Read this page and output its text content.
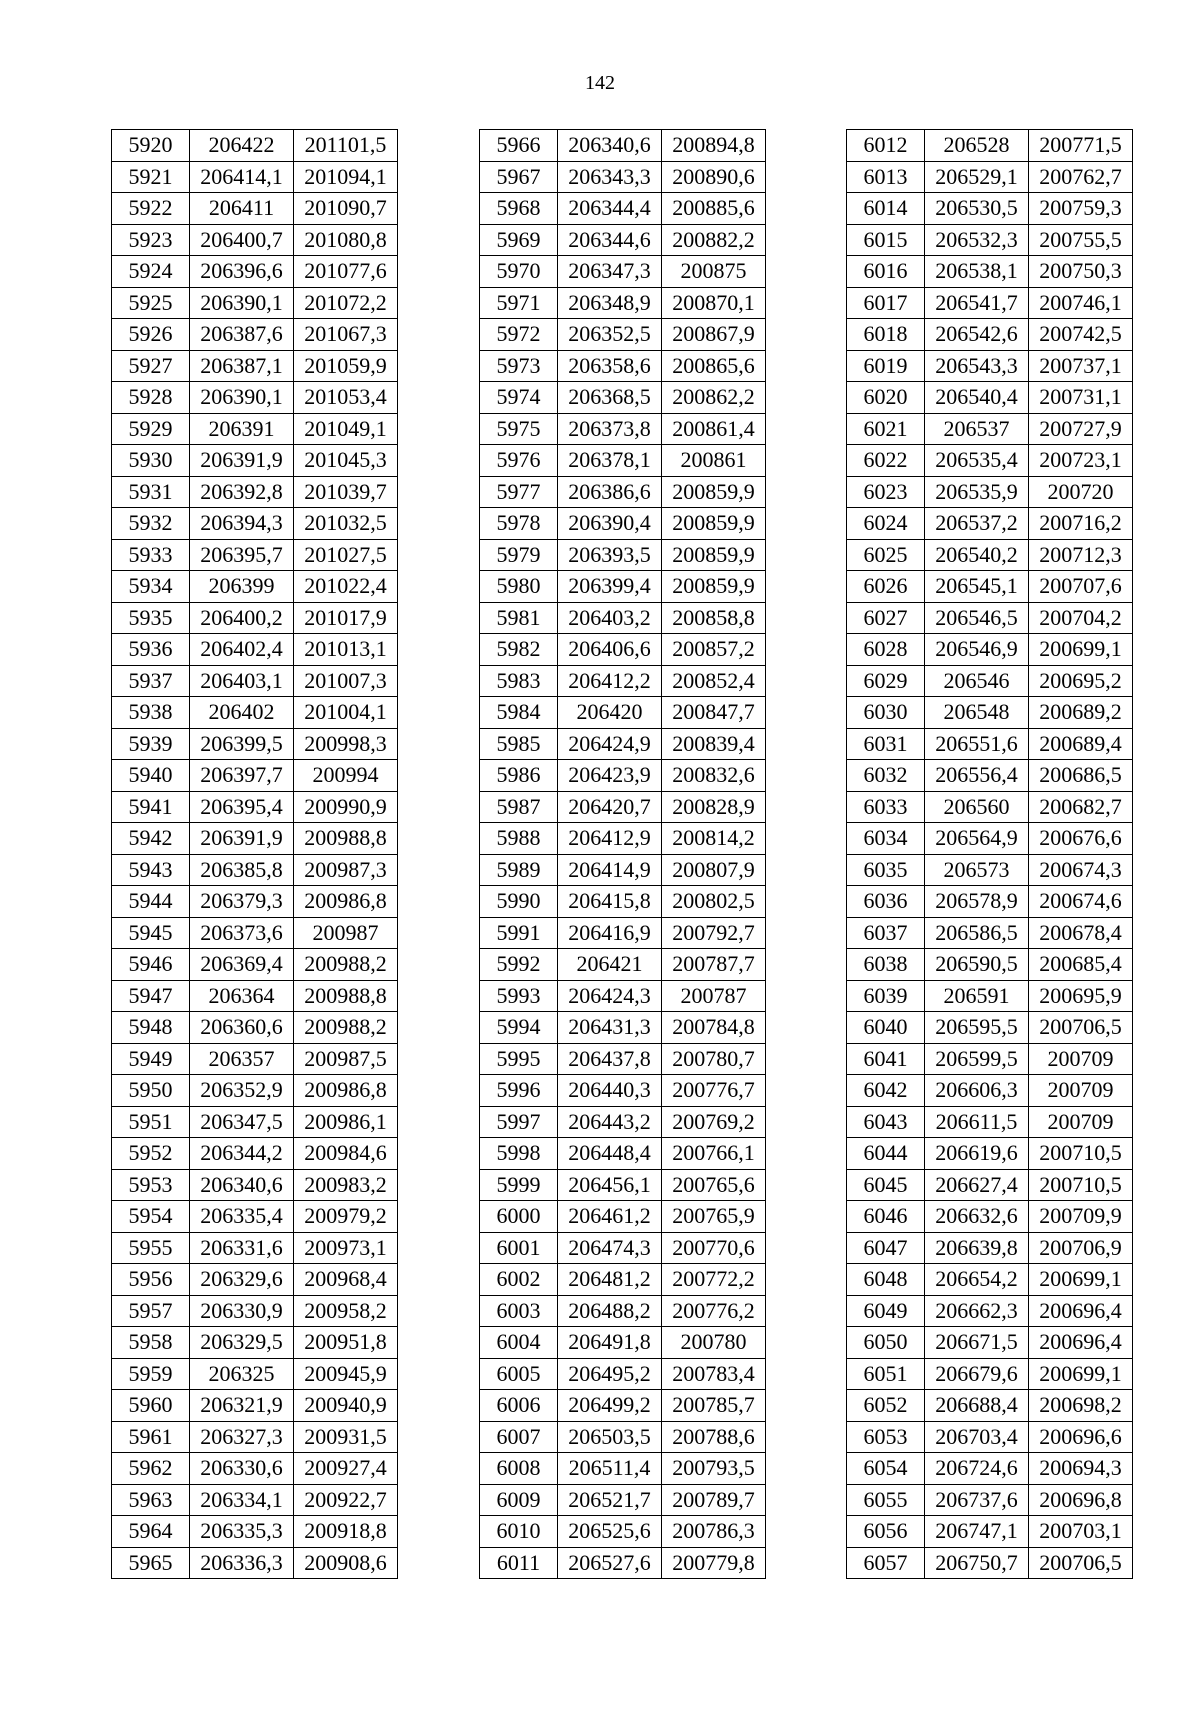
142
5920	206422	201101,5
5921	206414,1	201094,1
5922	206411	201090,7
5923	206400,7	201080,8
5924	206396,6	201077,6
5925	206390,1	201072,2
5926	206387,6	201067,3
5927	206387,1	201059,9
5928	206390,1	201053,4
5929	206391	201049,1
5930	206391,9	201045,3
5931	206392,8	201039,7
5932	206394,3	201032,5
5933	206395,7	201027,5
5934	206399	201022,4
5935	206400,2	201017,9
5936	206402,4	201013,1
5937	206403,1	201007,3
5938	206402	201004,1
5939	206399,5	200998,3
5940	206397,7	200994
5941	206395,4	200990,9
5942	206391,9	200988,8
5943	206385,8	200987,3
5944	206379,3	200986,8
5945	206373,6	200987
5946	206369,4	200988,2
5947	206364	200988,8
5948	206360,6	200988,2
5949	206357	200987,5
5950	206352,9	200986,8
5951	206347,5	200986,1
5952	206344,2	200984,6
5953	206340,6	200983,2
5954	206335,4	200979,2
5955	206331,6	200973,1
5956	206329,6	200968,4
5957	206330,9	200958,2
5958	206329,5	200951,8
5959	206325	200945,9
5960	206321,9	200940,9
5961	206327,3	200931,5
5962	206330,6	200927,4
5963	206334,1	200922,7
5964	206335,3	200918,8
5965	206336,3	200908,6
5966	206340,6	200894,8
5967	206343,3	200890,6
5968	206344,4	200885,6
5969	206344,6	200882,2
5970	206347,3	200875
5971	206348,9	200870,1
5972	206352,5	200867,9
5973	206358,6	200865,6
5974	206368,5	200862,2
5975	206373,8	200861,4
5976	206378,1	200861
5977	206386,6	200859,9
5978	206390,4	200859,9
5979	206393,5	200859,9
5980	206399,4	200859,9
5981	206403,2	200858,8
5982	206406,6	200857,2
5983	206412,2	200852,4
5984	206420	200847,7
5985	206424,9	200839,4
5986	206423,9	200832,6
5987	206420,7	200828,9
5988	206412,9	200814,2
5989	206414,9	200807,9
5990	206415,8	200802,5
5991	206416,9	200792,7
5992	206421	200787,7
5993	206424,3	200787
5994	206431,3	200784,8
5995	206437,8	200780,7
5996	206440,3	200776,7
5997	206443,2	200769,2
5998	206448,4	200766,1
5999	206456,1	200765,6
6000	206461,2	200765,9
6001	206474,3	200770,6
6002	206481,2	200772,2
6003	206488,2	200776,2
6004	206491,8	200780
6005	206495,2	200783,4
6006	206499,2	200785,7
6007	206503,5	200788,6
6008	206511,4	200793,5
6009	206521,7	200789,7
6010	206525,6	200786,3
6011	206527,6	200779,8
6012	206528	200771,5
6013	206529,1	200762,7
6014	206530,5	200759,3
6015	206532,3	200755,5
6016	206538,1	200750,3
6017	206541,7	200746,1
6018	206542,6	200742,5
6019	206543,3	200737,1
6020	206540,4	200731,1
6021	206537	200727,9
6022	206535,4	200723,1
6023	206535,9	200720
6024	206537,2	200716,2
6025	206540,2	200712,3
6026	206545,1	200707,6
6027	206546,5	200704,2
6028	206546,9	200699,1
6029	206546	200695,2
6030	206548	200689,2
6031	206551,6	200689,4
6032	206556,4	200686,5
6033	206560	200682,7
6034	206564,9	200676,6
6035	206573	200674,3
6036	206578,9	200674,6
6037	206586,5	200678,4
6038	206590,5	200685,4
6039	206591	200695,9
6040	206595,5	200706,5
6041	206599,5	200709
6042	206606,3	200709
6043	206611,5	200709
6044	206619,6	200710,5
6045	206627,4	200710,5
6046	206632,6	200709,9
6047	206639,8	200706,9
6048	206654,2	200699,1
6049	206662,3	200696,4
6050	206671,5	200696,4
6051	206679,6	200699,1
6052	206688,4	200698,2
6053	206703,4	200696,6
6054	206724,6	200694,3
6055	206737,6	200696,8
6056	206747,1	200703,1
6057	206750,7	200706,5
